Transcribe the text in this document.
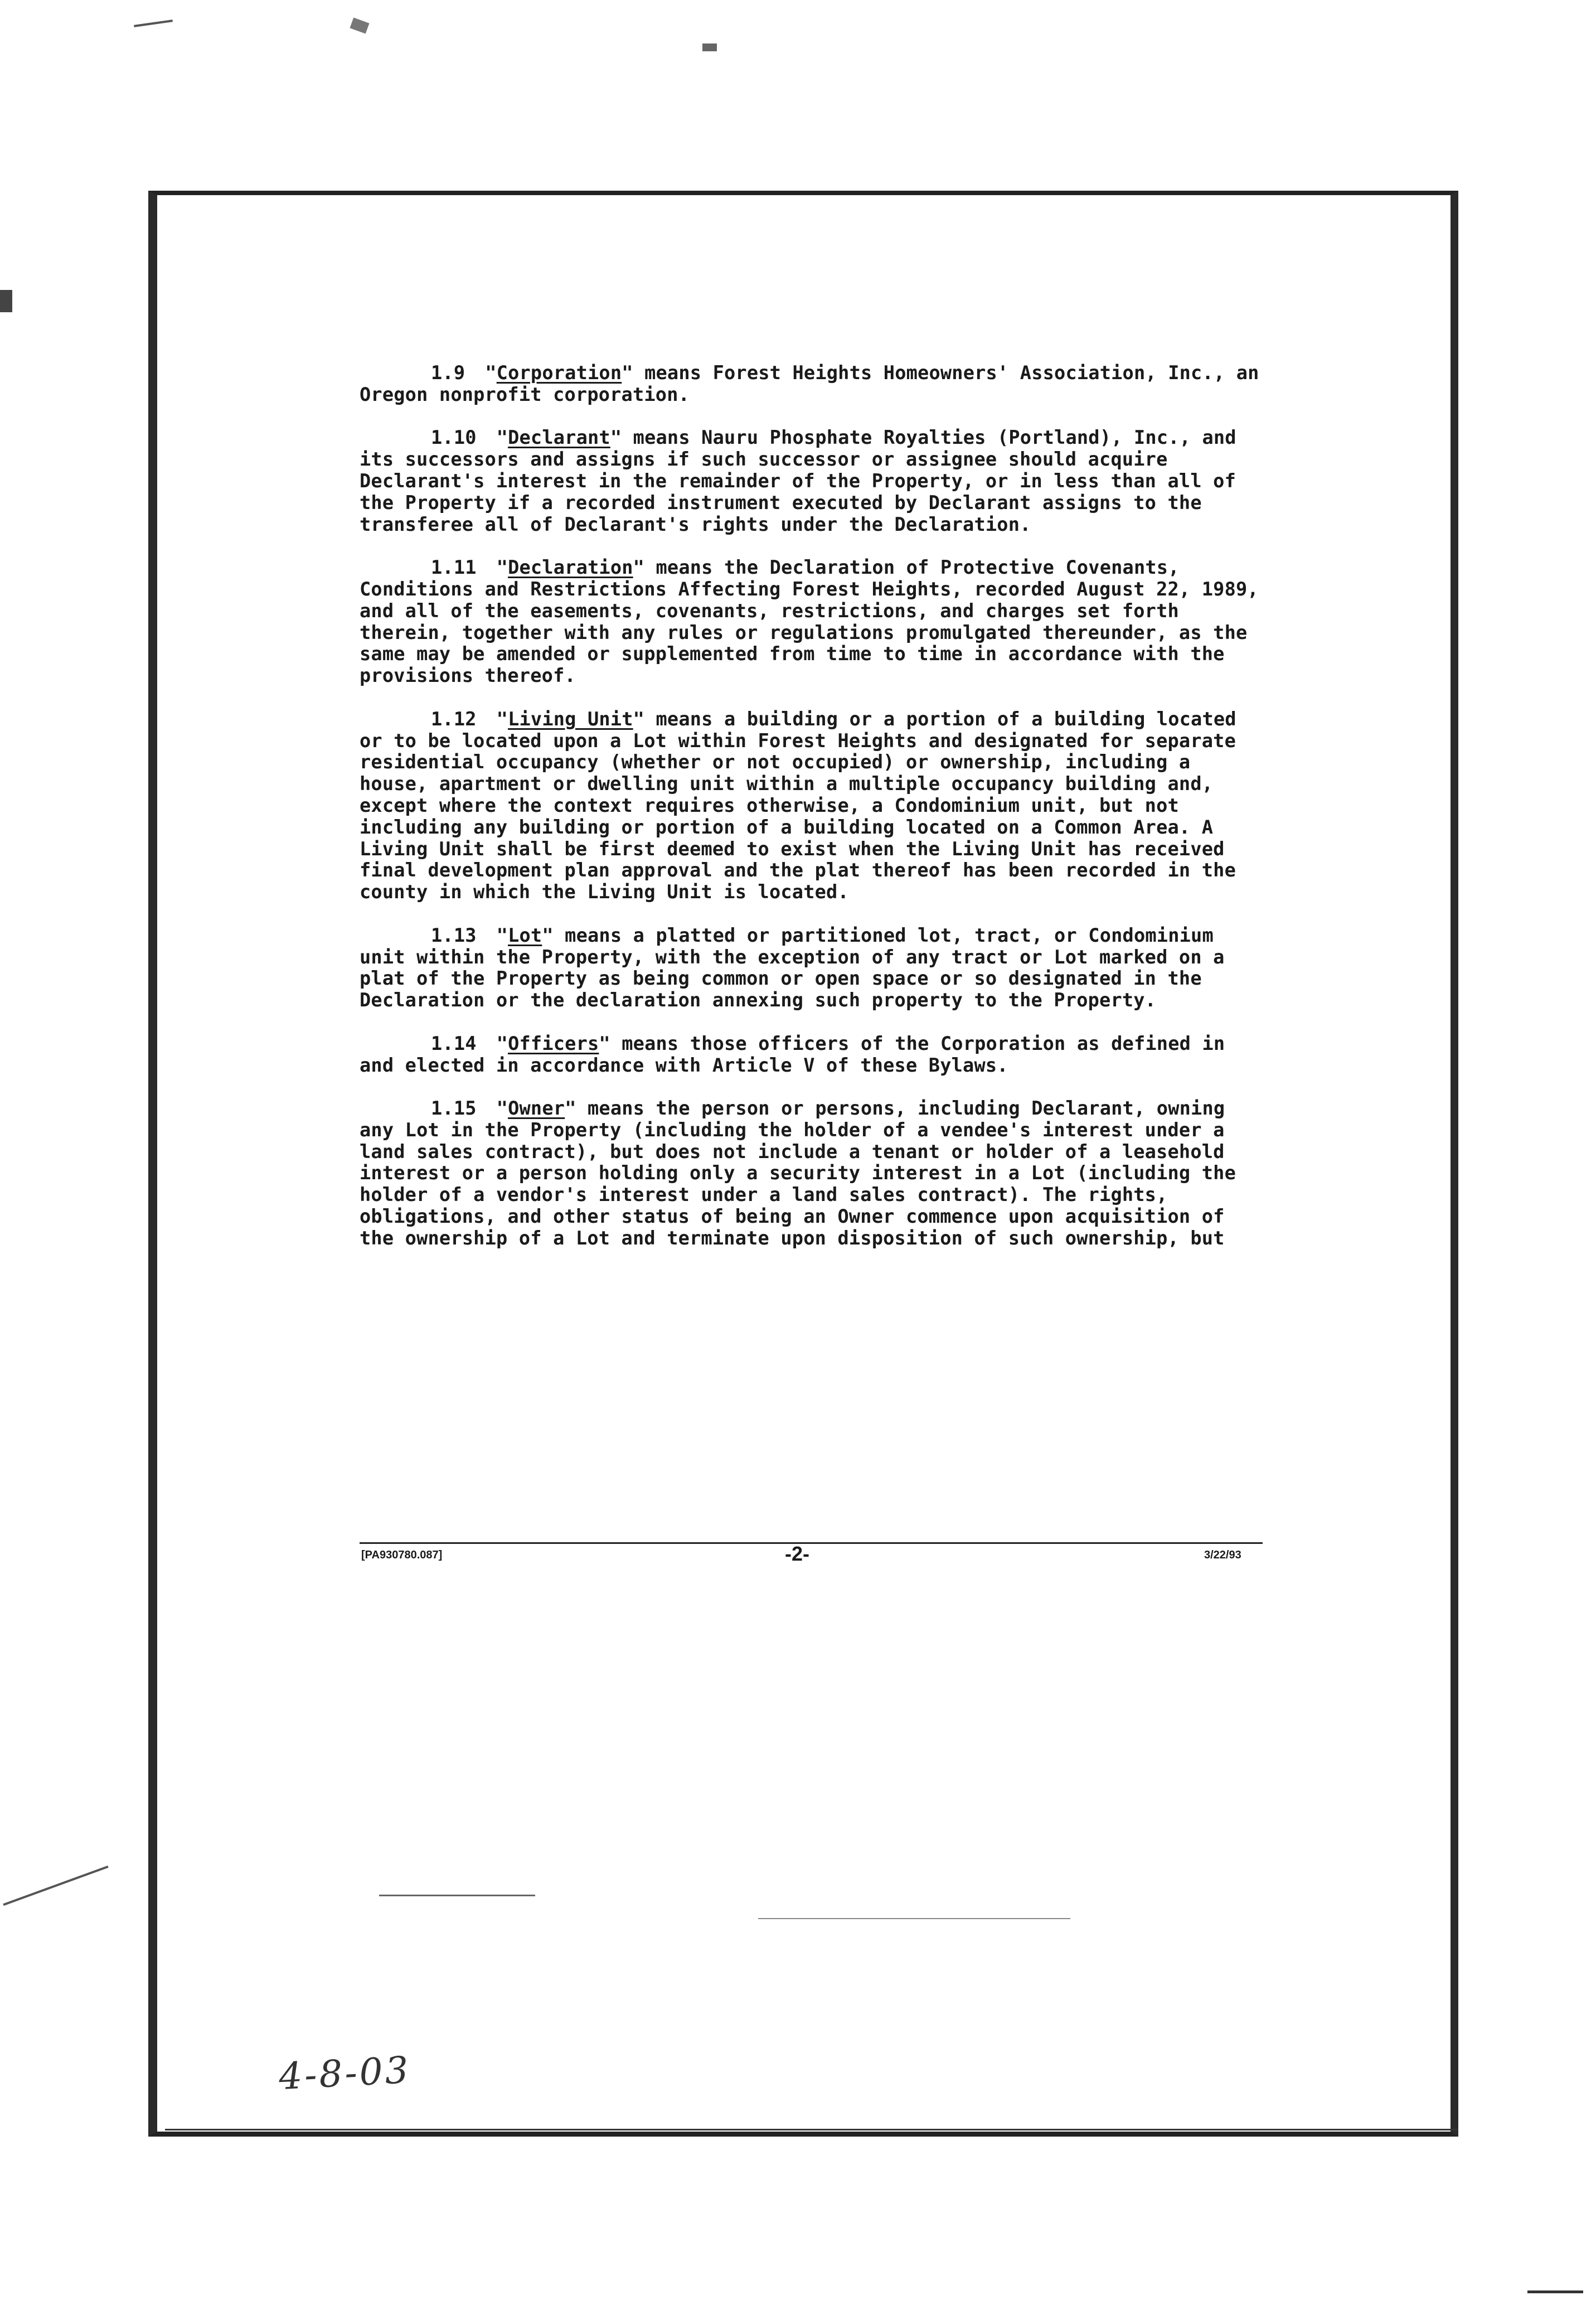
1.9 "Corporation" means Forest Heights Homeowners' Association, Inc., an Oregon nonprofit corporation.

1.10 "Declarant" means Nauru Phosphate Royalties (Portland), Inc., and its successors and assigns if such successor or assignee should acquire Declarant's interest in the remainder of the Property, or in less than all of the Property if a recorded instrument executed by Declarant assigns to the transferee all of Declarant's rights under the Declaration.

1.11 "Declaration" means the Declaration of Protective Covenants, Conditions and Restrictions Affecting Forest Heights, recorded August 22, 1989, and all of the easements, covenants, restrictions, and charges set forth therein, together with any rules or regulations promulgated thereunder, as the same may be amended or supplemented from time to time in accordance with the provisions thereof.

1.12 "Living Unit" means a building or a portion of a building located or to be located upon a Lot within Forest Heights and designated for separate residential occupancy (whether or not occupied) or ownership, including a house, apartment or dwelling unit within a multiple occupancy building and, except where the context requires otherwise, a Condominium unit, but not including any building or portion of a building located on a Common Area. A Living Unit shall be first deemed to exist when the Living Unit has received final development plan approval and the plat thereof has been recorded in the county in which the Living Unit is located.

1.13 "Lot" means a platted or partitioned lot, tract, or Condominium unit within the Property, with the exception of any tract or Lot marked on a plat of the Property as being common or open space or so designated in the Declaration or the declaration annexing such property to the Property.

1.14 "Officers" means those officers of the Corporation as defined in and elected in accordance with Article V of these Bylaws.

1.15 "Owner" means the person or persons, including Declarant, owning any Lot in the Property (including the holder of a vendee's interest under a land sales contract), but does not include a tenant or holder of a leasehold interest or a person holding only a security interest in a Lot (including the holder of a vendor's interest under a land sales contract). The rights, obligations, and other status of being an Owner commence upon acquisition of the ownership of a Lot and terminate upon disposition of such ownership, but

[PA930780.087]	-2-	3/22/93
4-8-03
